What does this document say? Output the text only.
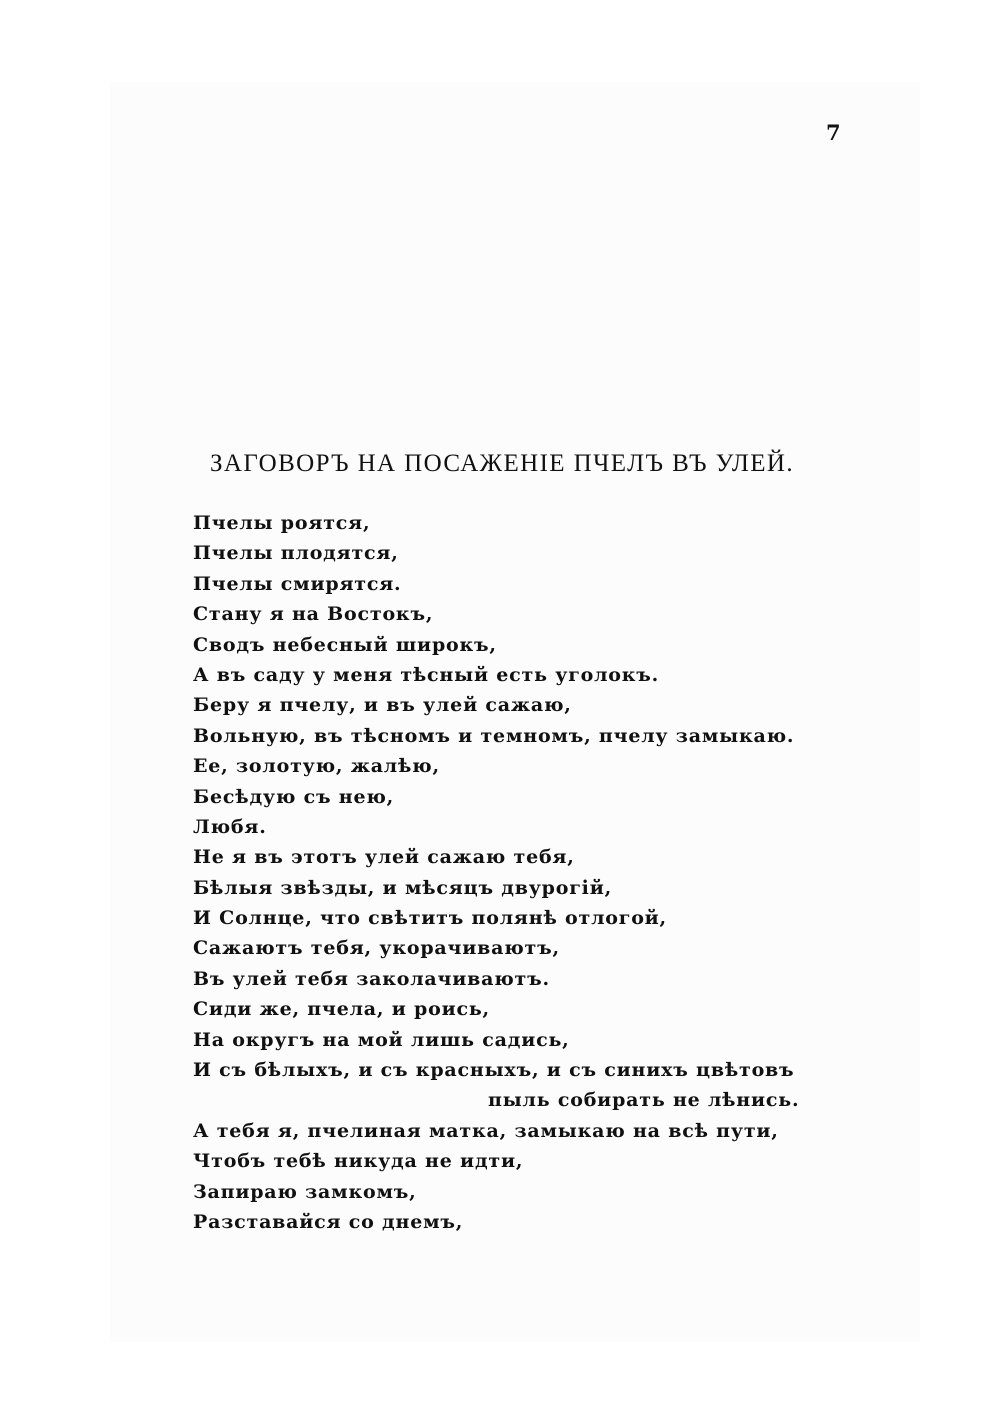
7
ЗАГОВОРЪ НА ПОСАЖЕНІЕ ПЧЕЛЪ ВЪ УЛЕЙ.
Пчелы роятся,
Пчелы плодятся,
Пчелы смирятся.
Стану я на Востокъ,
Сводъ небесный широкъ,
А въ саду у меня тѣсный есть уголокъ.
Беру я пчелу, и въ улей сажаю,
Вольную, въ тѣсномъ и темномъ, пчелу замыкаю.
Ее, золотую, жалѣю,
Бесѣдую съ нею,
Любя.
Не я въ этотъ улей сажаю тебя,
Бѣлыя звѣзды, и мѣсяцъ двурогій,
И Солнце, что свѣтитъ полянѣ отлогой,
Сажаютъ тебя, укорачиваютъ,
Въ улей тебя заколачиваютъ.
Сиди же, пчела, и роись,
На округъ на мой лишь садись,
И съ бѣлыхъ, и съ красныхъ, и съ синихъ цвѣтовъ
пыль собирать не лѣнись.
А тебя я, пчелиная матка, замыкаю на всѣ пути,
Чтобъ тебѣ никуда не идти,
Запираю замкомъ,
Разставайся со днемъ,
